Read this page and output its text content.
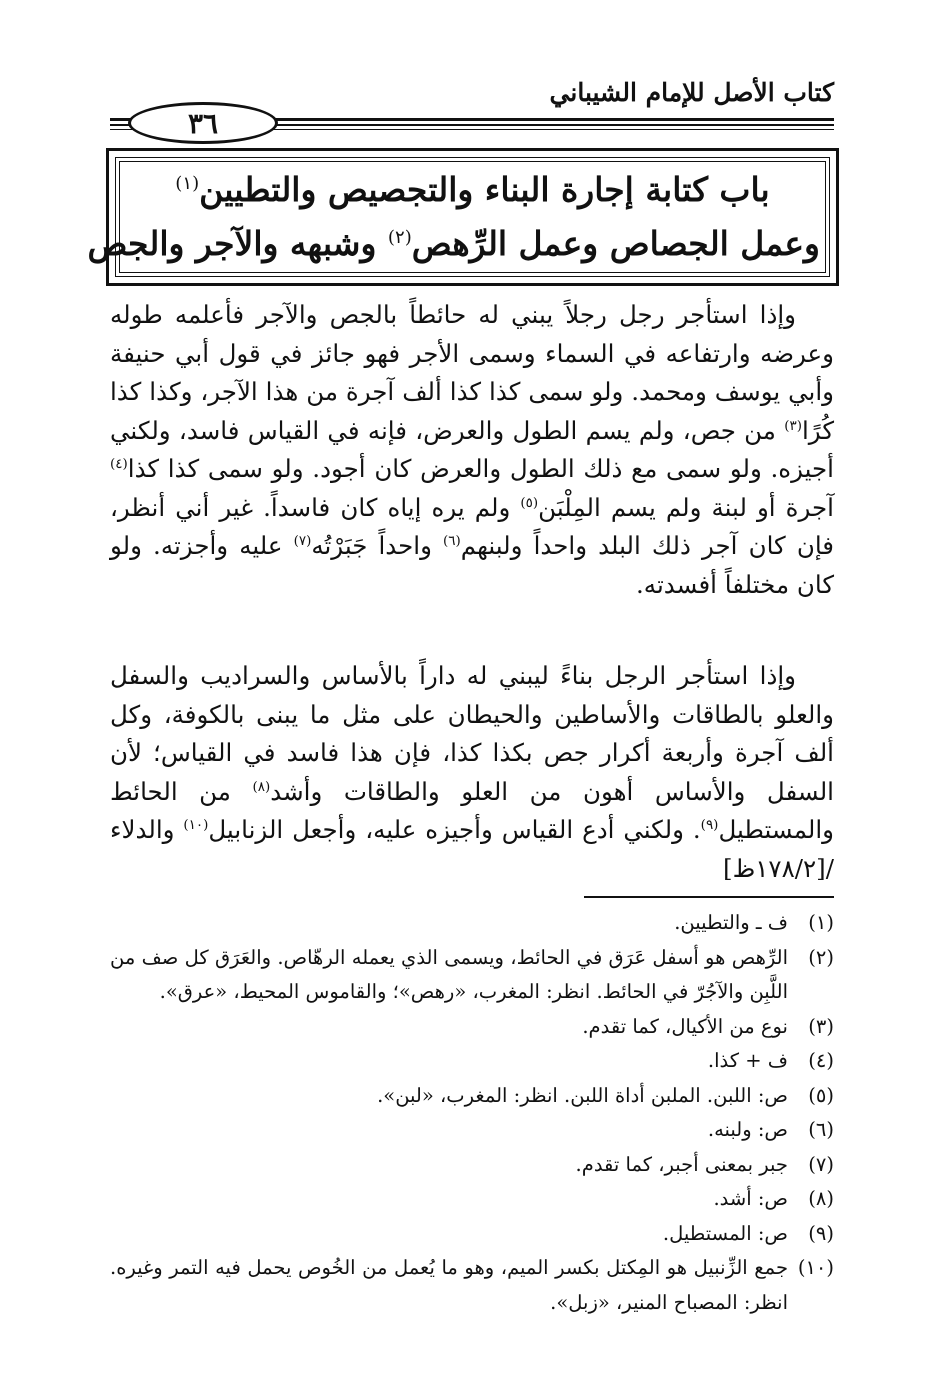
كتاب الأصل للإمام الشيباني
٣٦
باب كتابة إجارة البناء والتجصيص والتطيين$^{(١)}$
وعمل الجصاص وعمل الرِّهص$^{(٢)}$ وشبهه والآجر والجص

وإذا استأجر رجل رجلاً يبني له حائطاً بالجص والآجر فأعلمه طوله وعرضه وارتفاعه في السماء وسمى الأجر فهو جائز في قول أبي حنيفة وأبي يوسف ومحمد. ولو سمى كذا كذا ألف آجرة من هذا الآجر، وكذا كذا كُرًا$^{(٣)}$ من جص، ولم يسم الطول والعرض، فإنه في القياس فاسد، ولكني أجيزه. ولو سمى مع ذلك الطول والعرض كان أجود. ولو سمى كذا كذا$^{(٤)}$ آجرة أو لبنة ولم يسم المِلْبَن$^{(٥)}$ ولم يره إياه كان فاسداً. غير أني أنظر، فإن كان آجر ذلك البلد واحداً ولبنهم$^{(٦)}$ واحداً جَبَرْتُه$^{(٧)}$ عليه وأجزته. ولو كان مختلفاً أفسدته.

وإذا استأجر الرجل بناءً ليبني له داراً بالأساس والسراديب والسفل والعلو بالطاقات والأساطين والحيطان على مثل ما يبنى بالكوفة، وكل ألف آجرة وأربعة أكرار جص بكذا كذا، فإن هذا فاسد في القياس؛ لأن السفل والأساس أهون من العلو والطاقات وأشد$^{(٨)}$ من الحائط والمستطيل$^{(٩)}$. ولكني أدع القياس وأجيزه عليه، وأجعل الزنابيل$^{(١٠)}$ والدلاء /[١٧٨/٢ظ]

(١)
ف ـ والتطيين.
(٢)
الرِّهص هو أسفل عَرَق في الحائط، ويسمى الذي يعمله الرهّاص. والعَرَق كل صف من اللَّبِن والآجُرّ في الحائط. انظر: المغرب، «رهص»؛ والقاموس المحيط، «عرق».
(٣)
نوع من الأكيال، كما تقدم.
(٤)
ف + كذا.
(٥)
ص: اللبن. الملبن أداة اللبن. انظر: المغرب، «لبن».
(٦)
ص: ولبنه.
(٧)
جبر بمعنى أجبر، كما تقدم.
(٨)
ص: أشد.
(٩)
ص: المستطيل.
(١٠)
جمع الزِّنبيل هو المِكتل بكسر الميم، وهو ما يُعمل من الخُوص يحمل فيه التمر وغيره. انظر: المصباح المنير، «زبل».
